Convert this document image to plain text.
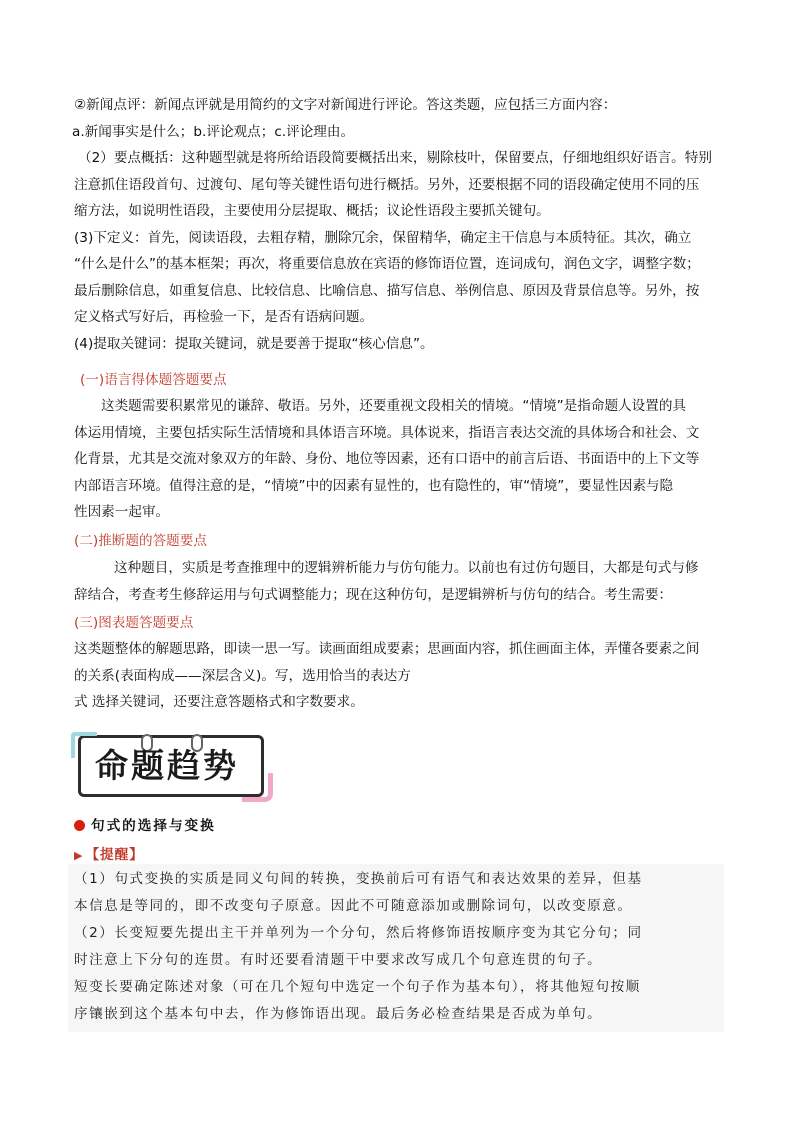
②新闻点评：新闻点评就是用简约的文字对新闻进行评论。答这类题，应包括三方面内容：
a.新闻事实是什么；b.评论观点；c.评论理由。
（2）要点概括：这种题型就是将所给语段简要概括出来，剔除枝叶，保留要点，仔细地组织好语言。特别
注意抓住语段首句、过渡句、尾句等关键性语句进行概括。另外，还要根据不同的语段确定使用不同的压
缩方法，如说明性语段，主要使用分层提取、概括；议论性语段主要抓关键句。
(3)下定义：首先，阅读语段，去粗存精，删除冗余，保留精华，确定主干信息与本质特征。其次，确立
“什么是什么”的基本框架；再次，将重要信息放在宾语的修饰语位置，连词成句，润色文字，调整字数；
最后删除信息，如重复信息、比较信息、比喻信息、描写信息、举例信息、原因及背景信息等。另外，按
定义格式写好后，再检验一下，是否有语病问题。
(4)提取关键词：提取关键词，就是要善于提取“核心信息”。
(一)语言得体题答题要点
这类题需要积累常见的谦辞、敬语。另外，还要重视文段相关的情境。“情境”是指命题人设置的具
体运用情境，主要包括实际生活情境和具体语言环境。具体说来，指语言表达交流的具体场合和社会、文
化背景，尤其是交流对象双方的年龄、身份、地位等因素，还有口语中的前言后语、书面语中的上下文等
内部语言环境。值得注意的是，“情境”中的因素有显性的，也有隐性的，审“情境”，要显性因素与隐
性因素一起审。
(二)推断题的答题要点
这种题目，实质是考查推理中的逻辑辨析能力与仿句能力。以前也有过仿句题目，大都是句式与修
辞结合，考查考生修辞运用与句式调整能力；现在这种仿句，是逻辑辨析与仿句的结合。考生需要：
(三)图表题答题要点
这类题整体的解题思路，即读一思一写。读画面组成要素；思画面内容，抓住画面主体，弄懂各要素之间
的关系(表面构成——深层含义)。写，选用恰当的表达方
式 选择关键词，还要注意答题格式和字数要求。
命题趋势
句式的选择与变换
▶ 【提醒】
（1）句式变换的实质是同义句间的转换，变换前后可有语气和表达效果的差异，但基
本信息是等同的，即不改变句子原意。因此不可随意添加或删除词句，以改变原意。
（2）长变短要先提出主干并单列为一个分句，然后将修饰语按顺序变为其它分句；同
时注意上下分句的连贯。有时还要看清题干中要求改写成几个句意连贯的句子。
短变长要确定陈述对象（可在几个短句中选定一个句子作为基本句），将其他短句按顺
序镶嵌到这个基本句中去，作为修饰语出现。最后务必检查结果是否成为单句。
